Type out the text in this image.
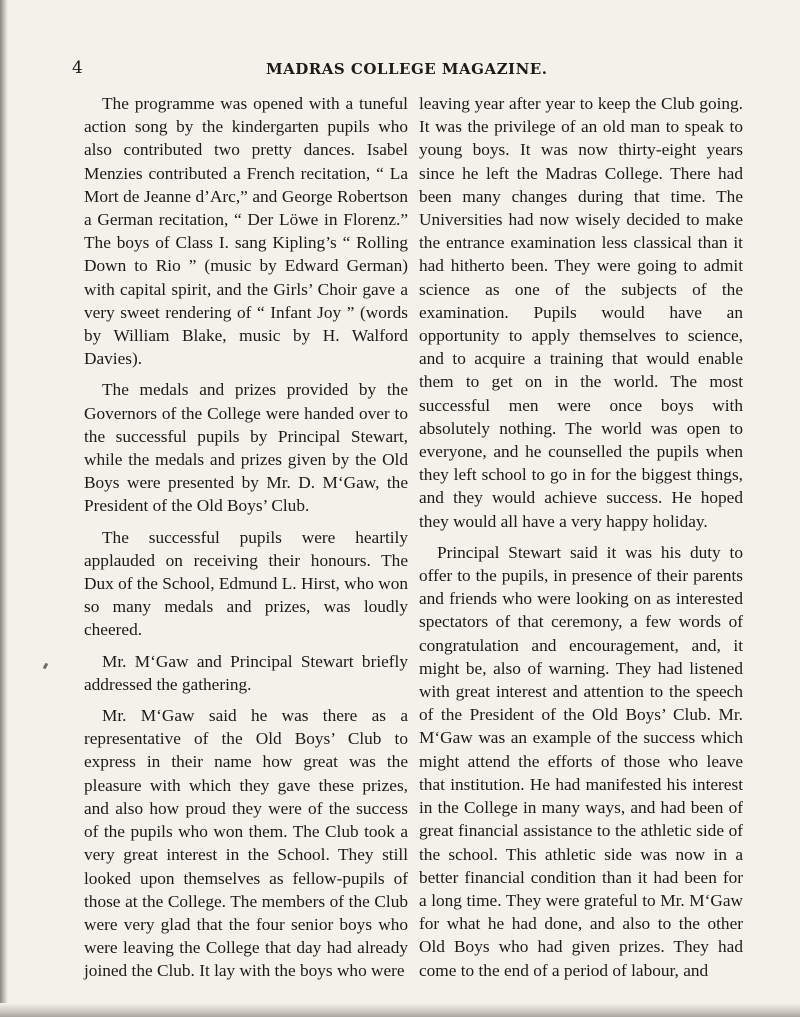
4	MADRAS COLLEGE MAGAZINE.

The programme was opened with a tuneful action song by the kindergarten pupils who also contributed two pretty dances. Isabel Menzies contributed a French recitation, “ La Mort de Jeanne d’Arc,” and George Robertson a German recitation, “ Der Löwe in Florenz.” The boys of Class I. sang Kipling’s “ Rolling Down to Rio ” (music by Edward German) with capital spirit, and the Girls’ Choir gave a very sweet rendering of “ Infant Joy ” (words by William Blake, music by H. Walford Davies).

The medals and prizes provided by the Governors of the College were handed over to the successful pupils by Principal Stewart, while the medals and prizes given by the Old Boys were presented by Mr. D. M‘Gaw, the President of the Old Boys’ Club.

The successful pupils were heartily applauded on receiving their honours. The Dux of the School, Edmund L. Hirst, who won so many medals and prizes, was loudly cheered.

Mr. M‘Gaw and Principal Stewart briefly addressed the gathering.

Mr. M‘Gaw said he was there as a representative of the Old Boys’ Club to express in their name how great was the pleasure with which they gave these prizes, and also how proud they were of the success of the pupils who won them. The Club took a very great interest in the School. They still looked upon themselves as fellow-pupils of those at the College. The members of the Club were very glad that the four senior boys who were leaving the College that day had already joined the Club. It lay with the boys who were

leaving year after year to keep the Club going. It was the privilege of an old man to speak to young boys. It was now thirty-eight years since he left the Madras College. There had been many changes during that time. The Universities had now wisely decided to make the entrance examination less classical than it had hitherto been. They were going to admit science as one of the subjects of the examination. Pupils would have an opportunity to apply themselves to science, and to acquire a training that would enable them to get on in the world. The most successful men were once boys with absolutely nothing. The world was open to everyone, and he counselled the pupils when they left school to go in for the biggest things, and they would achieve success. He hoped they would all have a very happy holiday.

Principal Stewart said it was his duty to offer to the pupils, in presence of their parents and friends who were looking on as interested spectators of that ceremony, a few words of congratulation and encouragement, and, it might be, also of warning. They had listened with great interest and attention to the speech of the President of the Old Boys’ Club. Mr. M‘Gaw was an example of the success which might attend the efforts of those who leave that institution. He had manifested his interest in the College in many ways, and had been of great financial assistance to the athletic side of the school. This athletic side was now in a better financial condition than it had been for a long time. They were grateful to Mr. M‘Gaw for what he had done, and also to the other Old Boys who had given prizes. They had come to the end of a period of labour, and
